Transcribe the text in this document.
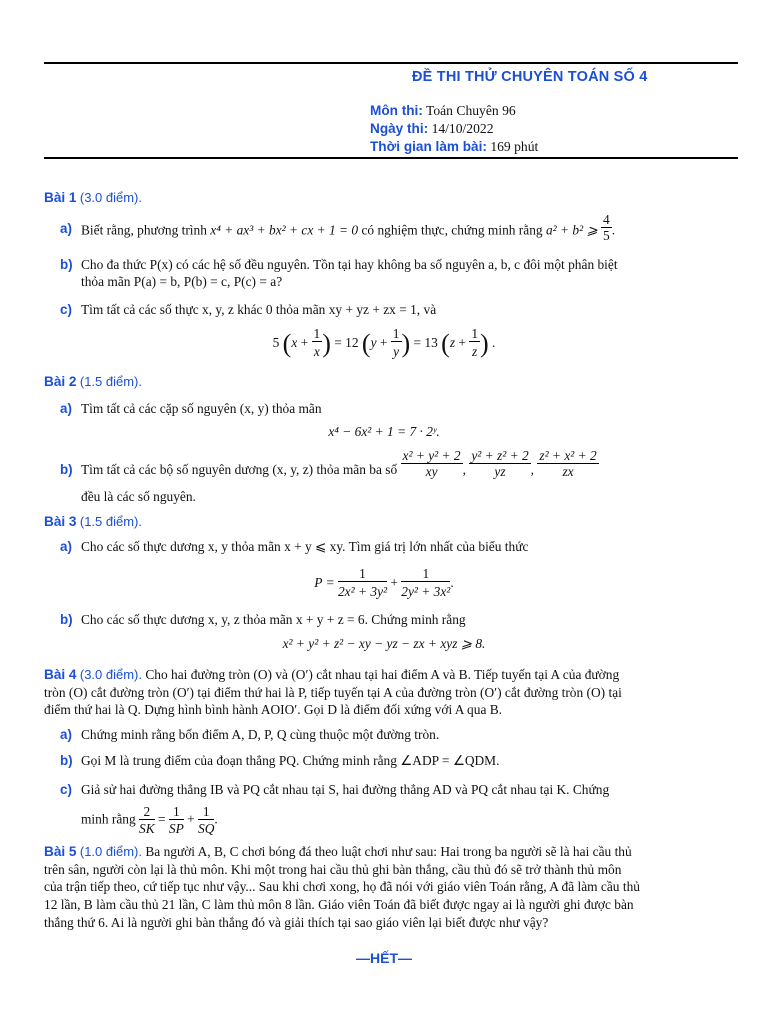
ĐỀ THI THỬ CHUYÊN TOÁN SỐ 4
Môn thi: Toán Chuyên 96
Ngày thi: 14/10/2022
Thời gian làm bài: 169 phút
Bài 1 (3.0 điểm).
a) Biết rằng, phương trình x⁴ + ax³ + bx² + cx + 1 = 0 có nghiệm thực, chứng minh rằng a² + b² ⩾ $\frac{4}{5}$ .
b) Cho đa thức P(x) có các hệ số đều nguyên. Tồn tại hay không ba số nguyên a, b, c đôi một phân biệt
thỏa mãn P(a) = b, P(b) = c, P(c) = a?
c) Tìm tất cả các số thực x, y, z khác 0 thỏa mãn xy + yz + zx = 1, và
5 $(x + \frac{1}{x}) = 12$ $(y + \frac{1}{y}) = 13$ $(z + \frac{1}{z})$ .
Bài 2 (1.5 điểm).
a) Tìm tất cả các cặp số nguyên (x, y) thỏa mãn
x⁴ − 6x² + 1 = 7 · 2ʸ.
b) Tìm tất cả các bộ số nguyên dương (x, y, z) thỏa mãn ba số $\frac{\text{x² + y² + 2}}{xy}$ , $\frac{\text{y² + z² + 2}}{yz}$ , $\frac{\text{z² + x² + 2}}{zx}$
đều là các số nguyên.
Bài 3 (1.5 điểm).
a) Cho các số thực dương x, y thỏa mãn x + y ⩽ xy. Tìm giá trị lớn nhất của biểu thức
$P = \frac{1}{\text{2x² + 3y²}} + \frac{1}{\text{2y² + 3x²}}$.
b) Cho các số thực dương x, y, z thỏa mãn x + y + z = 6. Chứng minh rằng
x² + y² + z² − xy − yz − zx + xyz ⩾ 8.
Bài 4 (3.0 điểm). Cho hai đường tròn (O) và (O′) cắt nhau tại hai điểm A và B. Tiếp tuyến tại A của đường
tròn (O) cắt đường tròn (O′) tại điểm thứ hai là P, tiếp tuyến tại A của đường tròn (O′) cắt đường tròn (O) tại
điểm thứ hai là Q. Dựng hình bình hành AOIO′. Gọi D là điểm đối xứng với A qua B.
a) Chứng minh rằng bốn điểm A, D, P, Q cùng thuộc một đường tròn.
b) Gọi M là trung điểm của đoạn thẳng PQ. Chứng minh rằng ∠ADP = ∠QDM.
c) Giả sử hai đường thẳng IB và PQ cắt nhau tại S, hai đường thẳng AD và PQ cắt nhau tại K. Chứng
minh rằng $\frac{2}{SK} = \frac{1}{SP} + \frac{1}{SQ}$.
Bài 5 (1.0 điểm). Ba người A, B, C chơi bóng đá theo luật chơi như sau: Hai trong ba người sẽ là hai cầu thủ
trên sân, người còn lại là thủ môn. Khi một trong hai cầu thủ ghi bàn thắng, cầu thủ đó sẽ trở thành thủ môn
của trận tiếp theo, cứ tiếp tục như vậy... Sau khi chơi xong, họ đã nói với giáo viên Toán rằng, A đã làm cầu thủ
12 lần, B làm cầu thủ 21 lần, C làm thủ môn 8 lần. Giáo viên Toán đã biết được ngay ai là người ghi được bàn
thắng thứ 6. Ai là người ghi bàn thắng đó và giải thích tại sao giáo viên lại biết được như vậy?
—HẾT—
